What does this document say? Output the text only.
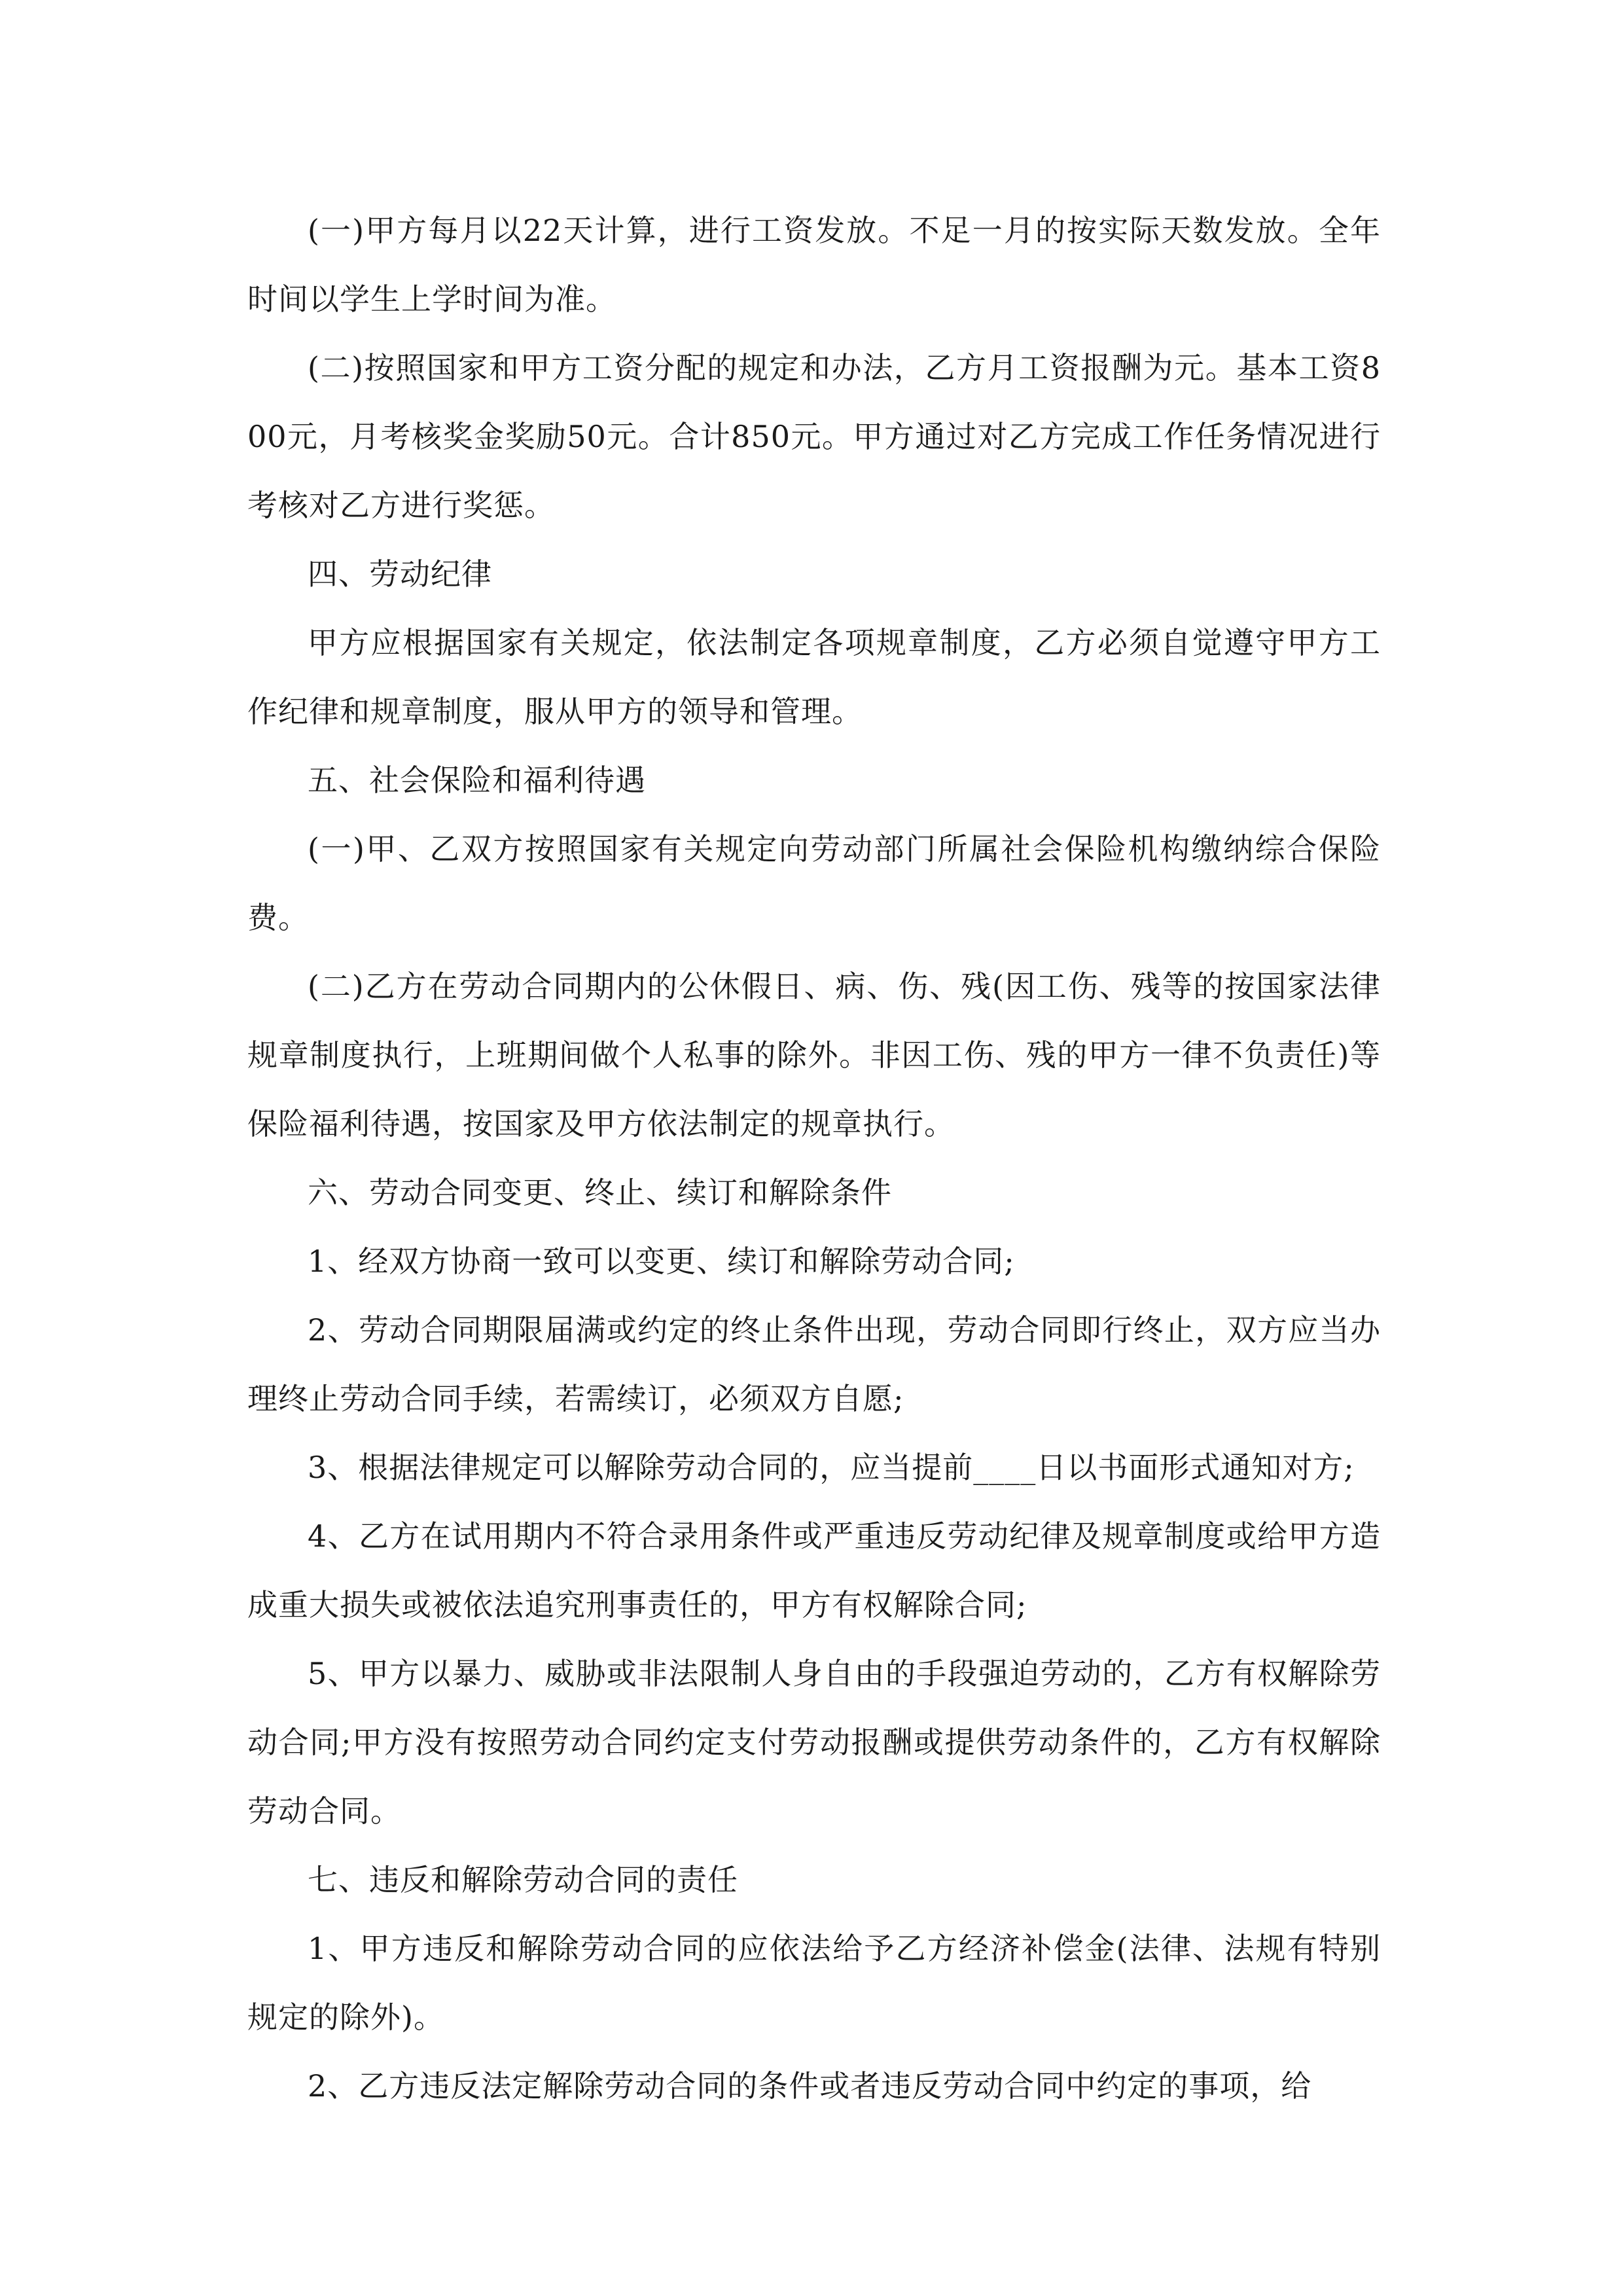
(一)甲方每月以22天计算，进行工资发放。不足一月的按实际天数发放。全年时间以学生上学时间为准。

(二)按照国家和甲方工资分配的规定和办法，乙方月工资报酬为元。基本工资800元，月考核奖金奖励50元。合计850元。甲方通过对乙方完成工作任务情况进行考核对乙方进行奖惩。

四、劳动纪律

甲方应根据国家有关规定，依法制定各项规章制度，乙方必须自觉遵守甲方工作纪律和规章制度，服从甲方的领导和管理。

五、社会保险和福利待遇

(一)甲、乙双方按照国家有关规定向劳动部门所属社会保险机构缴纳综合保险费。

(二)乙方在劳动合同期内的公休假日、病、伤、残(因工伤、残等的按国家法律规章制度执行，上班期间做个人私事的除外。非因工伤、残的甲方一律不负责任)等保险福利待遇，按国家及甲方依法制定的规章执行。

六、劳动合同变更、终止、续订和解除条件

1、经双方协商一致可以变更、续订和解除劳动合同;

2、劳动合同期限届满或约定的终止条件出现，劳动合同即行终止，双方应当办理终止劳动合同手续，若需续订，必须双方自愿;

3、根据法律规定可以解除劳动合同的，应当提前____日以书面形式通知对方;

4、乙方在试用期内不符合录用条件或严重违反劳动纪律及规章制度或给甲方造成重大损失或被依法追究刑事责任的，甲方有权解除合同;

5、甲方以暴力、威胁或非法限制人身自由的手段强迫劳动的，乙方有权解除劳动合同;甲方没有按照劳动合同约定支付劳动报酬或提供劳动条件的，乙方有权解除劳动合同。

七、违反和解除劳动合同的责任

1、甲方违反和解除劳动合同的应依法给予乙方经济补偿金(法律、法规有特别规定的除外)。

2、乙方违反法定解除劳动合同的条件或者违反劳动合同中约定的事项，给
